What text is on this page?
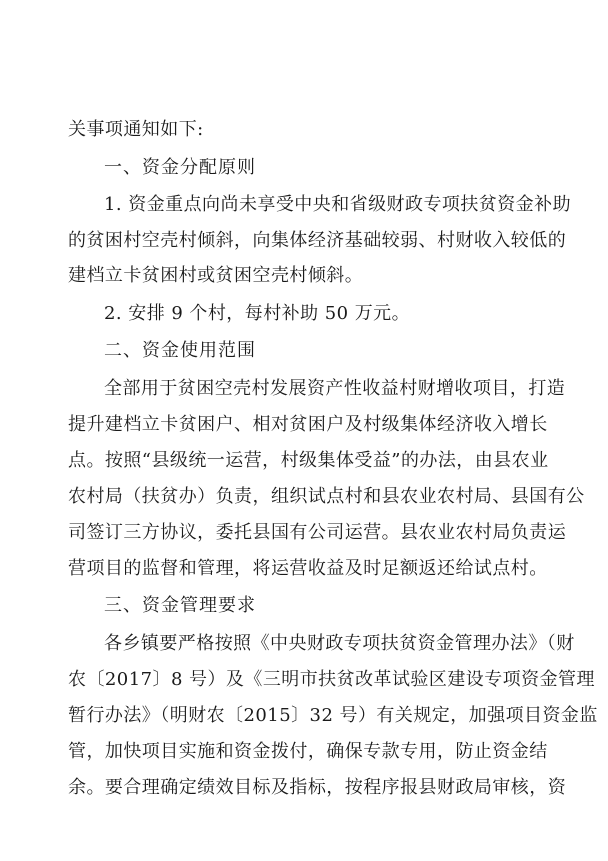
关事项通知如下:
一、资金分配原则
1. 资金重点向尚未享受中央和省级财政专项扶贫资金补助
的贫困村空壳村倾斜，向集体经济基础较弱、村财收入较低的
建档立卡贫困村或贫困空壳村倾斜。
2. 安排 9 个村，每村补助 50 万元。
二、资金使用范围
全部用于贫困空壳村发展资产性收益村财增收项目，打造
提升建档立卡贫困户、相对贫困户及村级集体经济收入增长
点。按照“县级统一运营，村级集体受益”的办法，由县农业
农村局（扶贫办）负责，组织试点村和县农业农村局、县国有公
司签订三方协议，委托县国有公司运营。县农业农村局负责运
营项目的监督和管理，将运营收益及时足额返还给试点村。
三、资金管理要求
各乡镇要严格按照《中央财政专项扶贫资金管理办法》（财
农〔2017〕8 号）及《三明市扶贫改革试验区建设专项资金管理
暂行办法》（明财农〔2015〕32 号）有关规定，加强项目资金监
管，加快项目实施和资金拨付，确保专款专用，防止资金结
余。要合理确定绩效目标及指标，按程序报县财政局审核，资
